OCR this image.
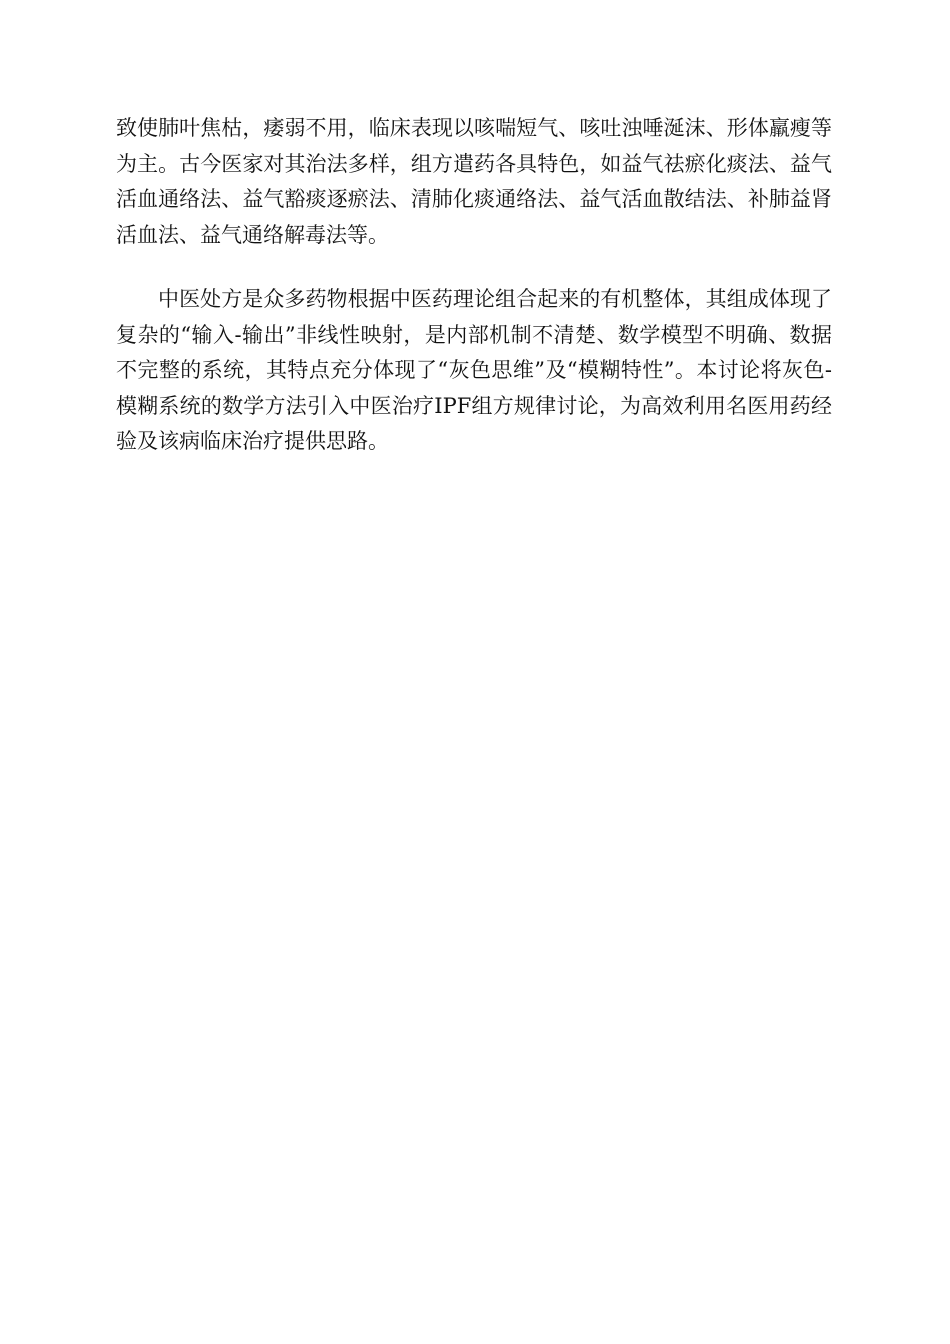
致使肺叶焦枯，痿弱不用，临床表现以咳喘短气、咳吐浊唾涎沫、形体羸瘦等为主。古今医家对其治法多样，组方遣药各具特色，如益气祛瘀化痰法、益气活血通络法、益气豁痰逐瘀法、清肺化痰通络法、益气活血散结法、补肺益肾活血法、益气通络解毒法等。

中医处方是众多药物根据中医药理论组合起来的有机整体，其组成体现了复杂的“输入-输出”非线性映射，是内部机制不清楚、数学模型不明确、数据不完整的系统，其特点充分体现了“灰色思维”及“模糊特性”。本讨论将灰色-模糊系统的数学方法引入中医治疗IPF组方规律讨论，为高效利用名医用药经验及该病临床治疗提供思路。
